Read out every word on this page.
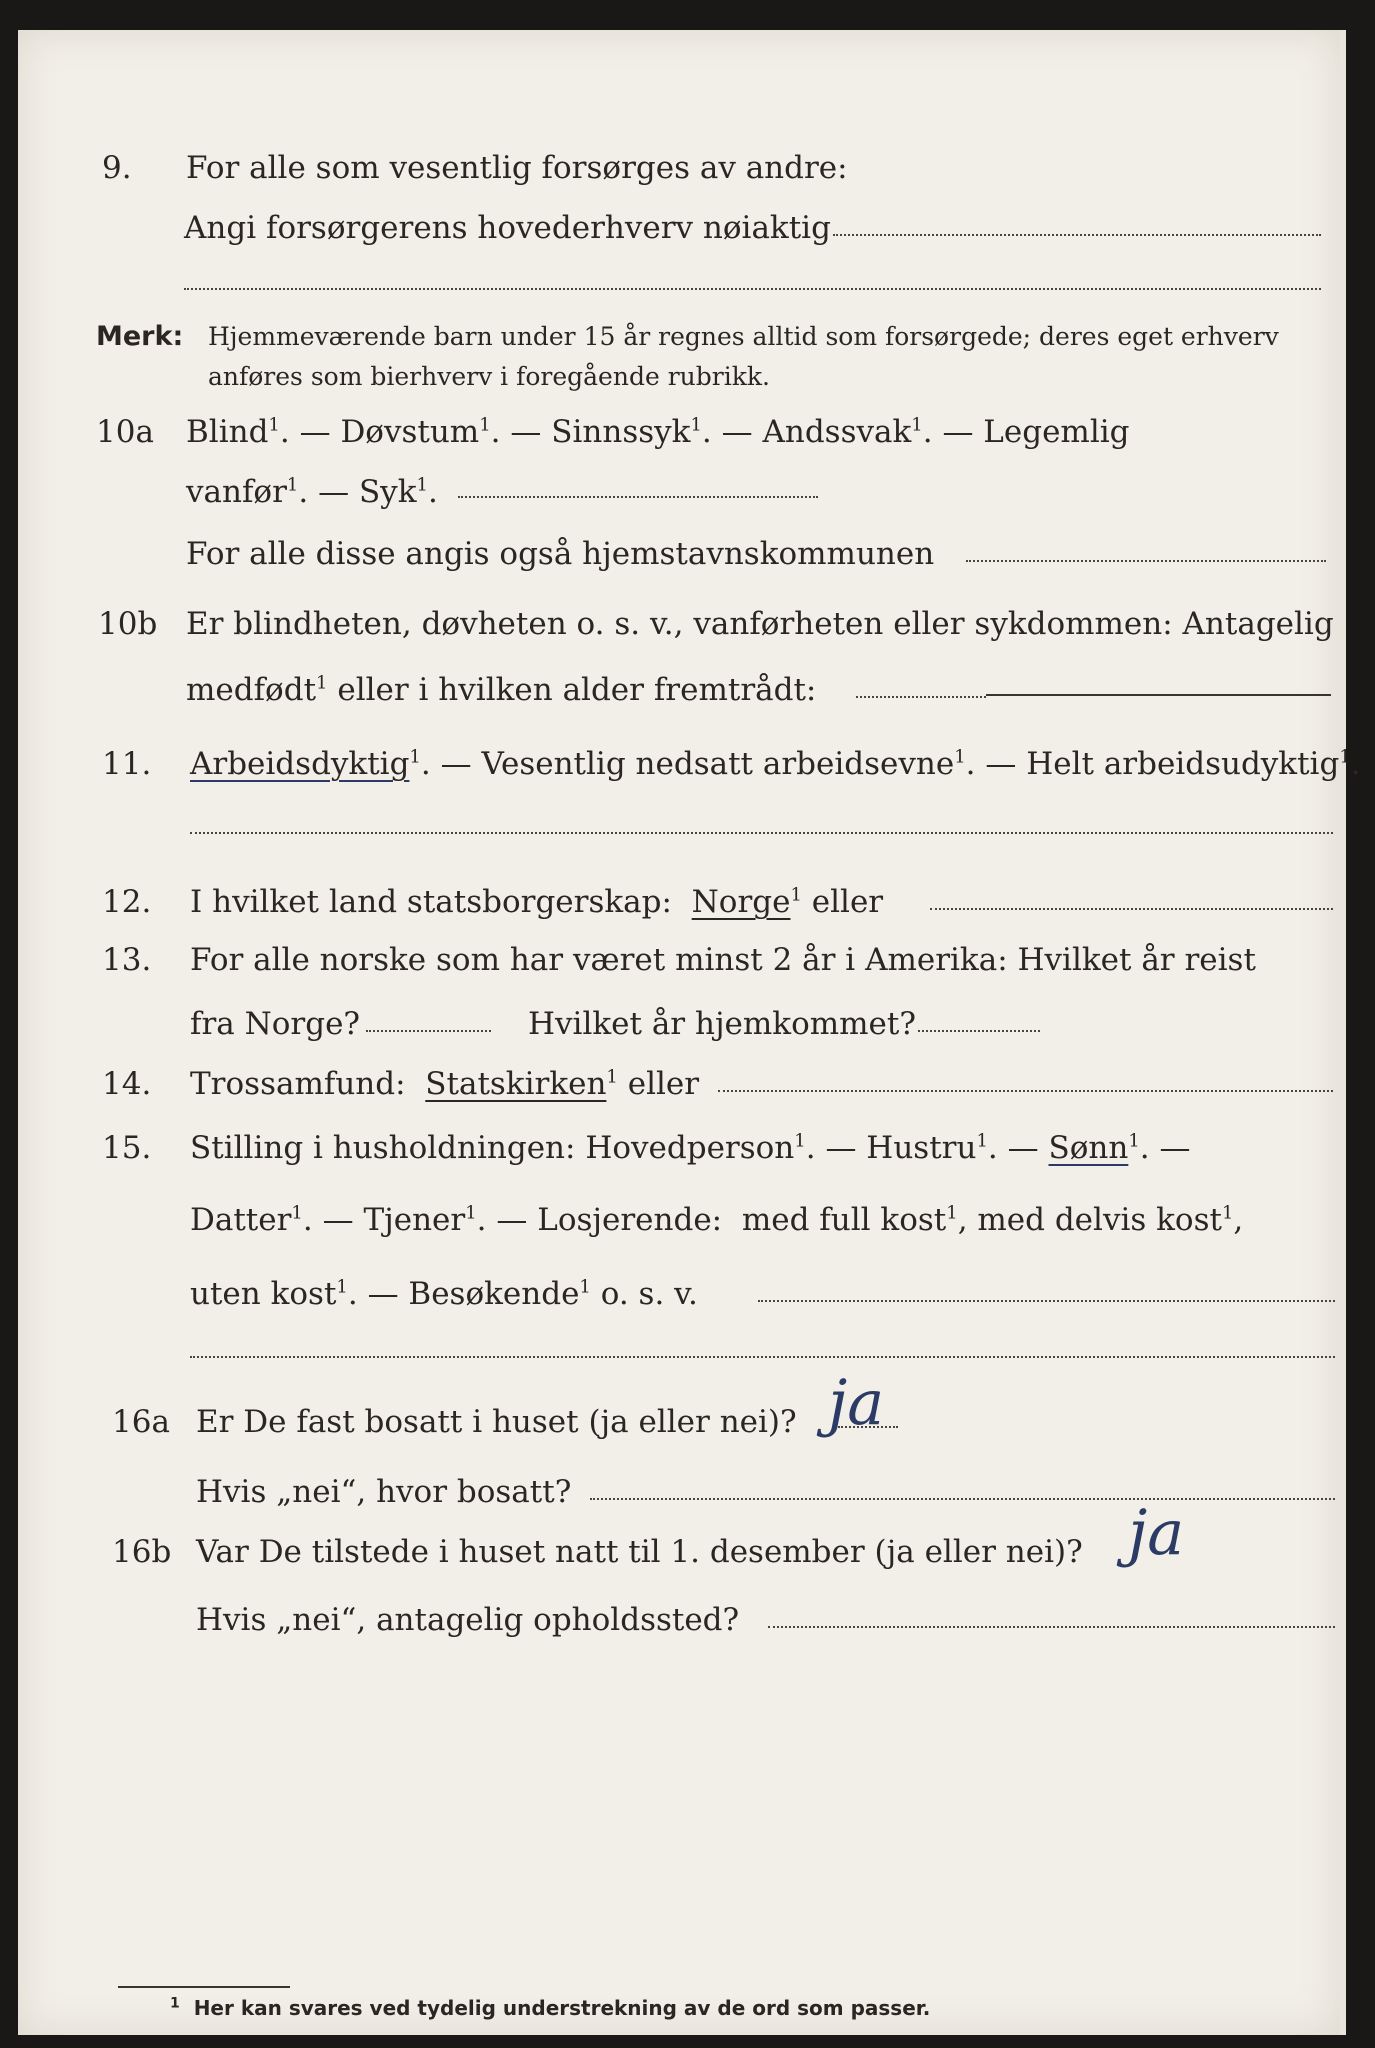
9. For alle som vesentlig forsørges av andre:
Angi forsørgerens hovederhverv nøiaktig
Merk: Hjemmeværende barn under 15 år regnes alltid som forsørgede; deres eget erhverv
anføres som bierhverv i foregående rubrikk.
10a Blind$^1$. — Døvstum$^1$. — Sinnssyk$^1$. — Andssvak$^1$. — Legemlig
vanfør$^1$. — Syk$^1$.
For alle disse angis også hjemstavnskommunen
10b Er blindheten, døvheten o. s. v., vanførheten eller sykdommen: Antagelig
medfødt$^1$ eller i hvilken alder fremtrådt:
11. Arbeidsdyktig$^1$. — Vesentlig nedsatt arbeidsevne$^1$. — Helt arbeidsudyktig$^1$.
12. I hvilket land statsborgerskap: Norge$^1$ eller
13. For alle norske som har været minst 2 år i Amerika: Hvilket år reist
fra Norge?	Hvilket år hjemkommet?
14. Trossamfund: Statskirken$^1$ eller
15. Stilling i husholdningen: Hovedperson$^1$. — Hustru$^1$. — Sønn$^1$. —
Datter$^1$. — Tjener$^1$. — Losjerende: med full kost$^1$, med delvis kost$^1$,
uten kost$^1$. — Besøkende$^1$ o. s. v.
16a Er De fast bosatt i huset (ja eller nei)? ja
Hvis „nei“, hvor bosatt?
16b Var De tilstede i huset natt til 1. desember (ja eller nei)? ja
Hvis „nei“, antagelig opholdssted?
$^1$ Her kan svares ved tydelig understrekning av de ord som passer.
